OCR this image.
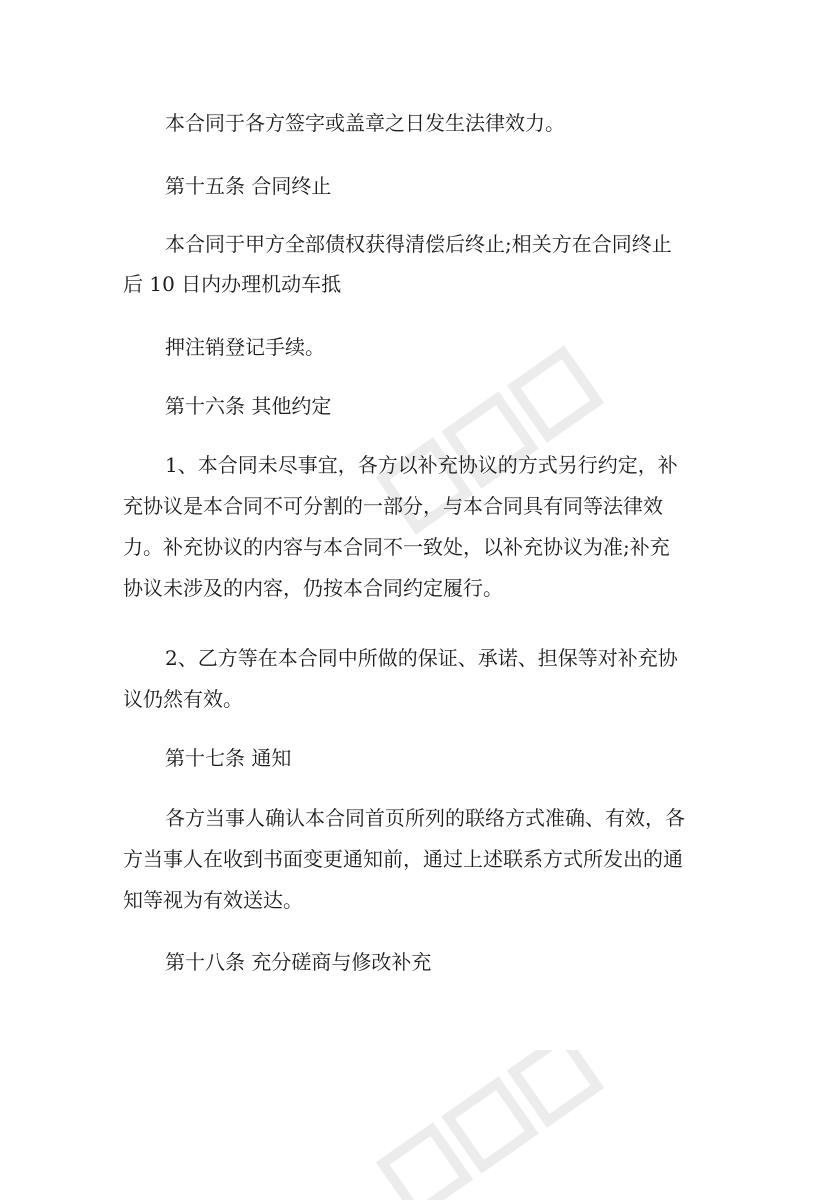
本合同于各方签字或盖章之日发生法律效力。
第十五条 合同终止
本合同于甲方全部债权获得清偿后终止;相关方在合同终止
后 10 日内办理机动车抵
押注销登记手续。
第十六条 其他约定
1、本合同未尽事宜，各方以补充协议的方式另行约定，补
充协议是本合同不可分割的一部分，与本合同具有同等法律效
力。补充协议的内容与本合同不一致处，以补充协议为准;补充
协议未涉及的内容，仍按本合同约定履行。
2、乙方等在本合同中所做的保证、承诺、担保等对补充协
议仍然有效。
第十七条 通知
各方当事人确认本合同首页所列的联络方式准确、有效，各
方当事人在收到书面变更通知前，通过上述联系方式所发出的通
知等视为有效送达。
第十八条 充分磋商与修改补充
